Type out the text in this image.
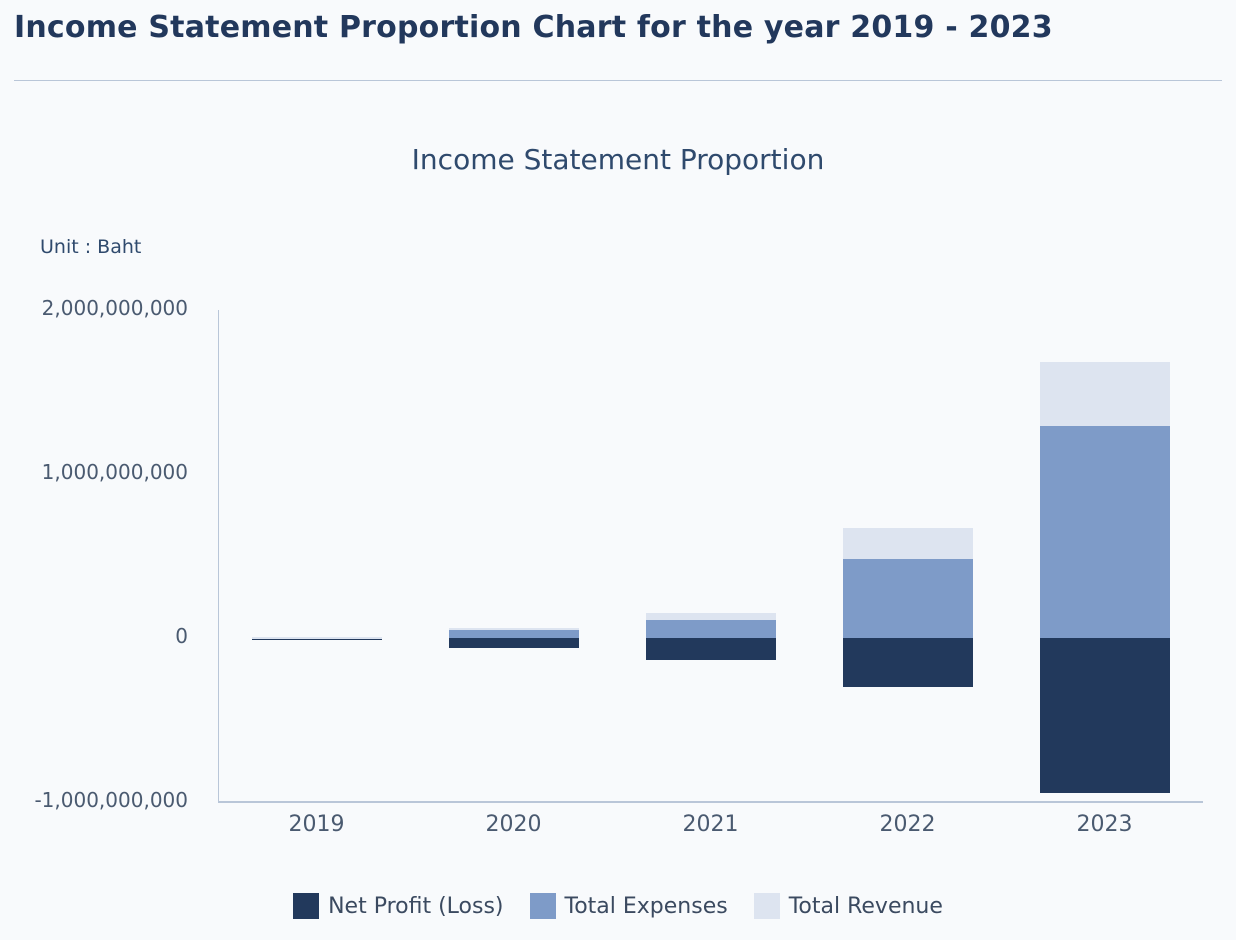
Income Statement Proportion Chart for the year 2019 - 2023
Income Statement Proportion
Unit : Baht
2,000,000,000
1,000,000,000
0
-1,000,000,000
2019	2020	2021	2022	2023
Net Profit (Loss)	Total Expenses	Total Revenue
